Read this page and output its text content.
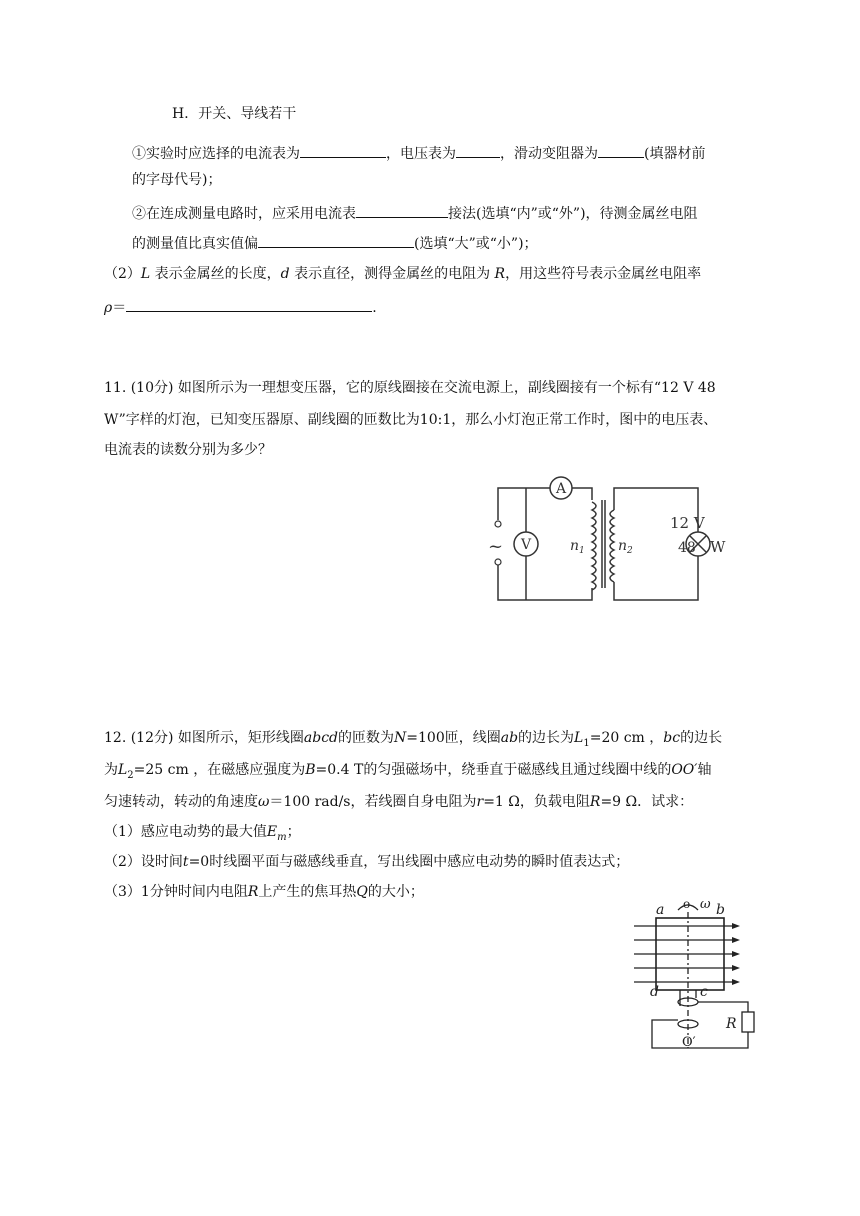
H．开关、导线若干
①实验时应选择的电流表为	，电压表为	，滑动变阻器为	(填器材前
的字母代号)；
②在连成测量电路时，应采用电流表	接法(选填“内”或“外”)，待测金属丝电阻
的测量值比真实值偏	(选填“大”或“小”)；
（2）L 表示金属丝的长度，d 表示直径，测得金属丝的电阻为 R，用这些符号表示金属丝电阻率
ρ＝	.
11. (10分) 如图所示为一理想变压器，它的原线圈接在交流电源上，副线圈接有一个标有“12 V 48
W”字样的灯泡，已知变压器原、副线圈的匝数比为10:1，那么小灯泡正常工作时，图中的电压表、
电流表的读数分别为多少？
~
A
V	$n_1$ $n_2$
12 V
48 W
12. (12分) 如图所示，矩形线圈abcd的匝数为N=100匝，线圈ab的边长为$L_1=20$ cm ，bc的边长
为$L_2=25$ cm ，在磁感应强度为B=0.4 T的匀强磁场中，绕垂直于磁感线且通过线圈中线的OO′轴
匀速转动，转动的角速度ω＝100 rad/s，若线圈自身电阻为r=1 Ω，负载电阻R=9 Ω．试求：
（1）感应电动势的最大值$E_m$；
（2）设时间t=0时线圈平面与磁感线垂直，写出线圈中感应电动势的瞬时值表达式；
（3）1分钟时间内电阻R上产生的焦耳热Q的大小；
a	b
c
d
o ω
O′
R
